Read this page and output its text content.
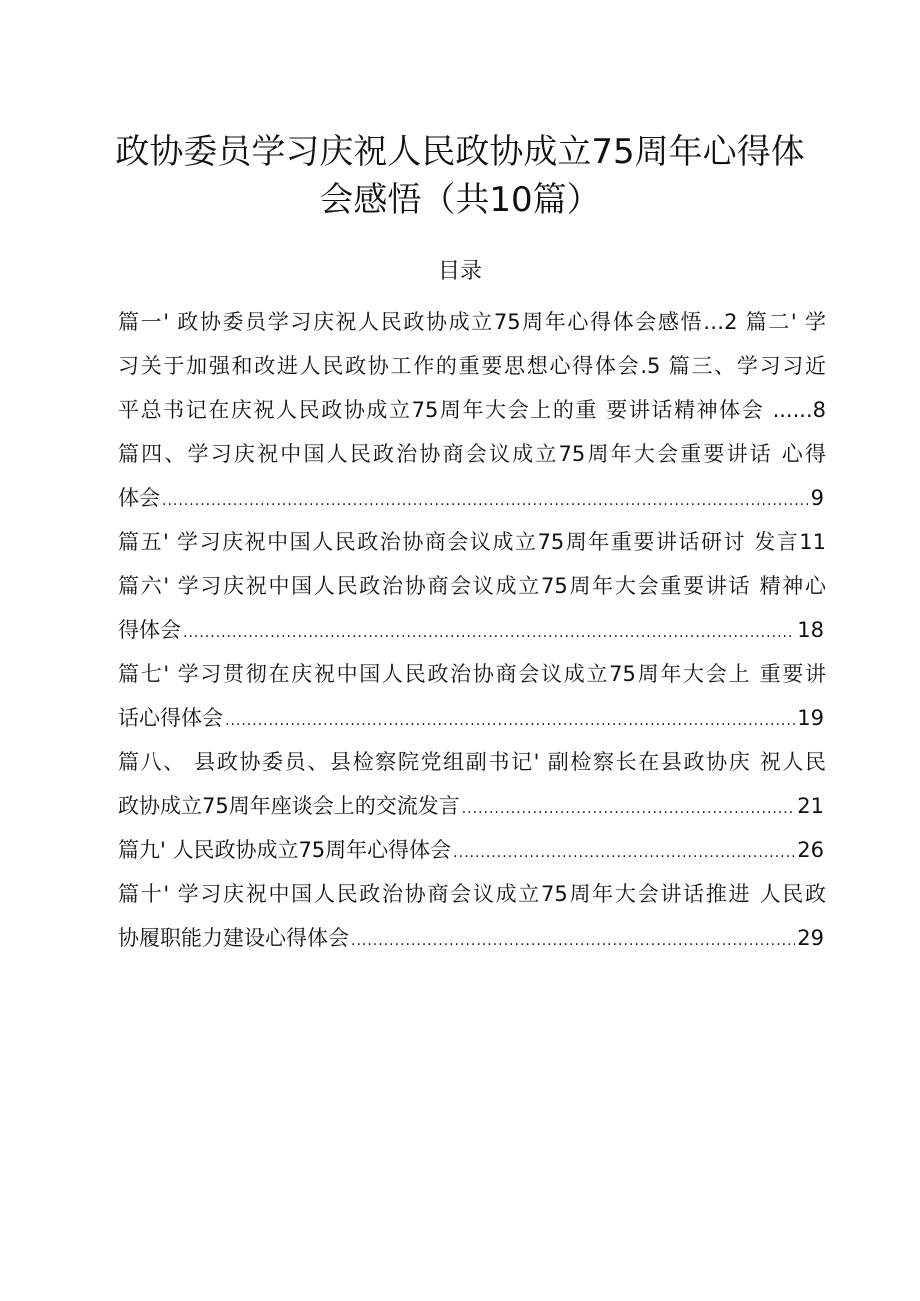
政协委员学习庆祝人民政协成立75周年心得体
会感悟（共10篇）
目录
篇一' 政协委员学习庆祝人民政协成立75周年心得体会感悟…2 篇二' 学
习关于加强和改进人民政协工作的重要思想心得体会.5 篇三、学习习近
平总书记在庆祝人民政协成立75周年大会上的重 要讲话精神体会 ......8
篇四、学习庆祝中国人民政治协商会议成立75周年大会重要讲话 心得
体会 .....	9
篇五' 学习庆祝中国人民政治协商会议成立75周年重要讲话研讨 发言11
篇六' 学习庆祝中国人民政治协商会议成立75周年大会重要讲话 精神心
得体会 .....	18
篇七' 学习贯彻在庆祝中国人民政治协商会议成立75周年大会上 重要讲
话心得体会 .....	19
篇八、 县政协委员、县检察院党组副书记' 副检察长在县政协庆 祝人民
政协成立75周年座谈会上的交流发言 .....	21
篇九' 人民政协成立75周年心得体会 .....	26
篇十' 学习庆祝中国人民政治协商会议成立75周年大会讲话推进 人民政
协履职能力建设心得体会 .....	29
